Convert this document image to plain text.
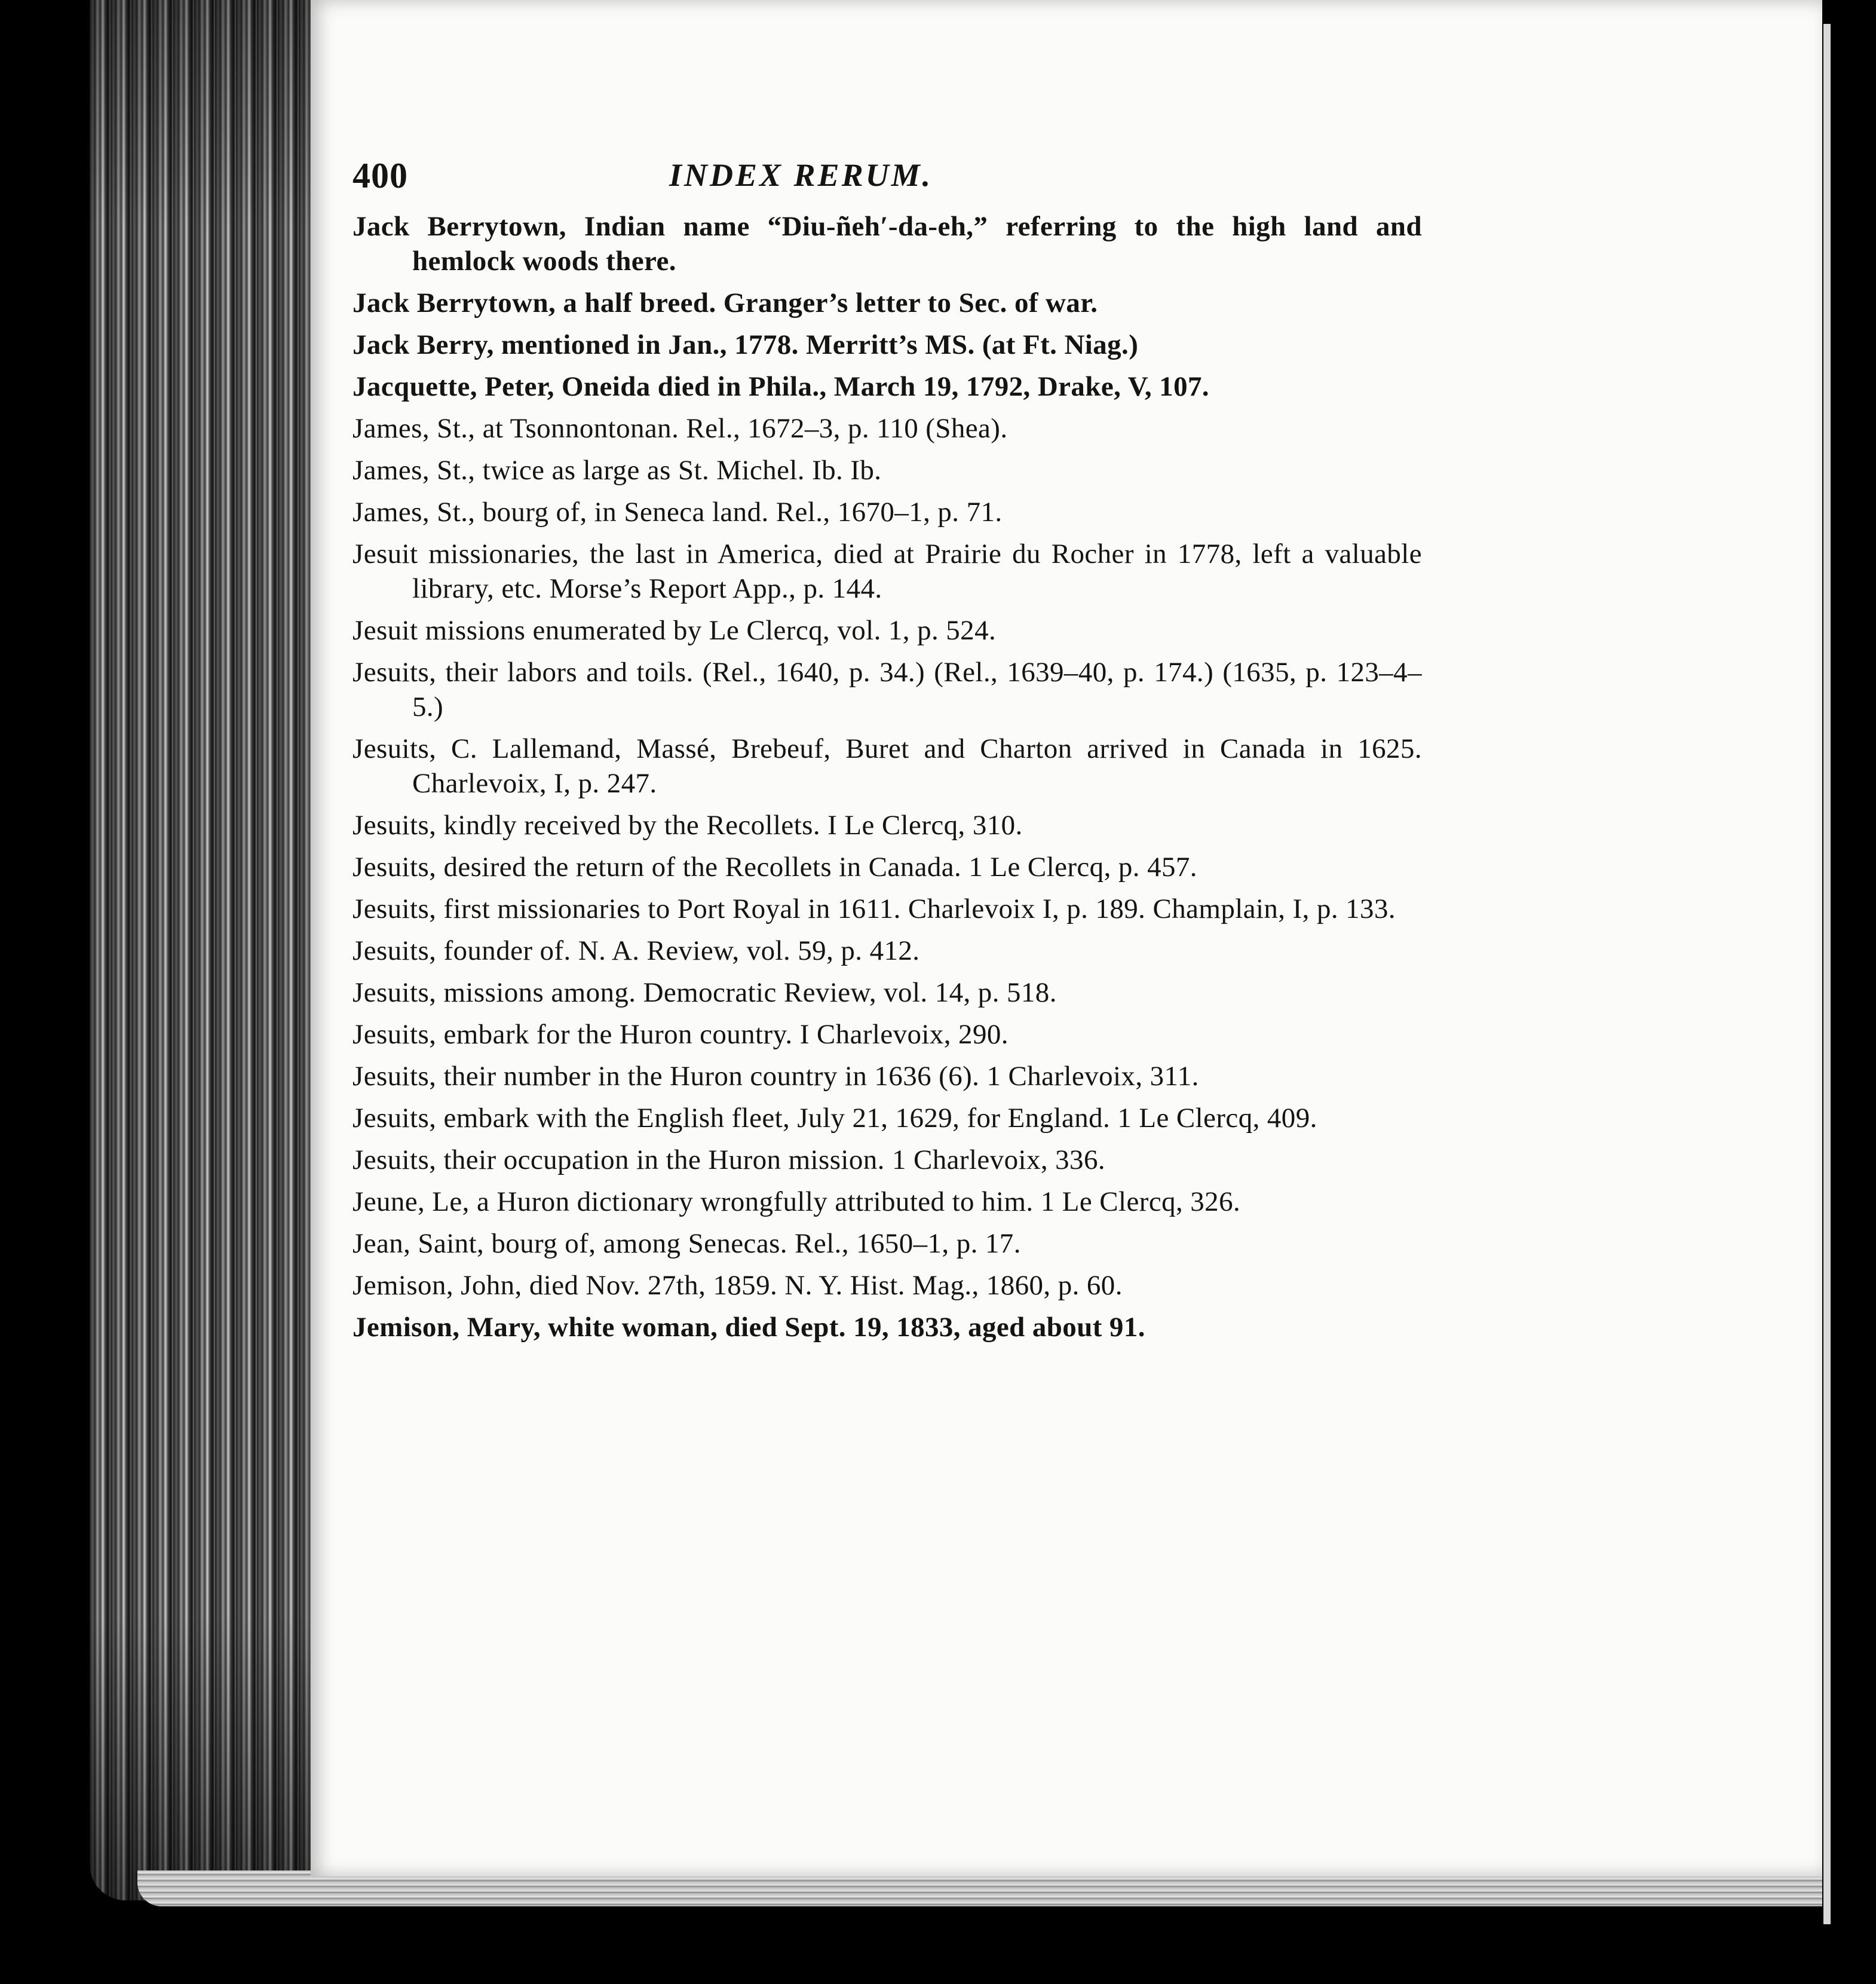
400	INDEX RERUM.
Jack Berrytown, Indian name “Diu-ñeh′-da-eh,” referring to the high land and hemlock woods there.
Jack Berrytown, a half breed. Granger’s letter to Sec. of war.
Jack Berry, mentioned in Jan., 1778. Merritt’s MS. (at Ft. Niag.)
Jacquette, Peter, Oneida died in Phila., March 19, 1792, Drake, V, 107.
James, St., at Tsonnontonan. Rel., 1672–3, p. 110 (Shea).
James, St., twice as large as St. Michel. Ib. Ib.
James, St., bourg of, in Seneca land. Rel., 1670–1, p. 71.
Jesuit missionaries, the last in America, died at Prairie du Rocher in 1778, left a valuable library, etc. Morse’s Report App., p. 144.
Jesuit missions enumerated by Le Clercq, vol. 1, p. 524.
Jesuits, their labors and toils. (Rel., 1640, p. 34.) (Rel., 1639–40, p. 174.) (1635, p. 123–4–5.)
Jesuits, C. Lallemand, Massé, Brebeuf, Buret and Charton arrived in Canada in 1625. Charlevoix, I, p. 247.
Jesuits, kindly received by the Recollets. I Le Clercq, 310.
Jesuits, desired the return of the Recollets in Canada. 1 Le Clercq, p. 457.
Jesuits, first missionaries to Port Royal in 1611. Charlevoix I, p. 189. Champlain, I, p. 133.
Jesuits, founder of. N. A. Review, vol. 59, p. 412.
Jesuits, missions among. Democratic Review, vol. 14, p. 518.
Jesuits, embark for the Huron country. I Charlevoix, 290.
Jesuits, their number in the Huron country in 1636 (6). 1 Charlevoix, 311.
Jesuits, embark with the English fleet, July 21, 1629, for England. 1 Le Clercq, 409.
Jesuits, their occupation in the Huron mission. 1 Charlevoix, 336.
Jeune, Le, a Huron dictionary wrongfully attributed to him. 1 Le Clercq, 326.
Jean, Saint, bourg of, among Senecas. Rel., 1650–1, p. 17.
Jemison, John, died Nov. 27th, 1859. N. Y. Hist. Mag., 1860, p. 60.
Jemison, Mary, white woman, died Sept. 19, 1833, aged about 91.
